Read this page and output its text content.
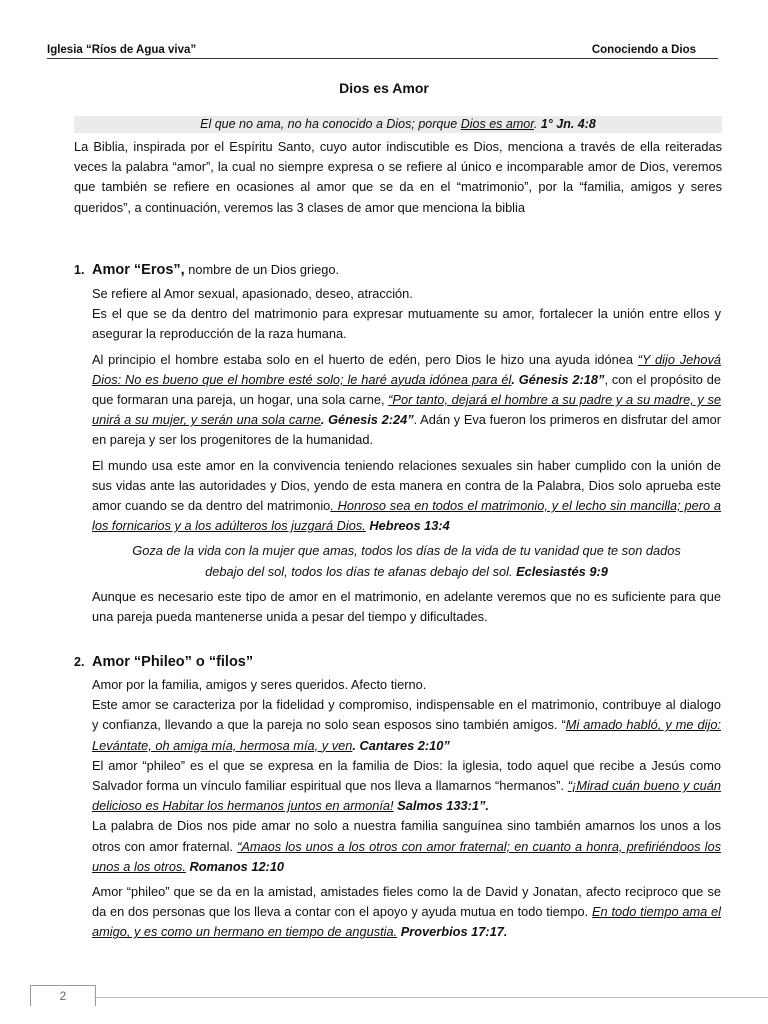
Iglesia “Ríos de Agua viva”	Conociendo a Dios
Dios es Amor
El que no ama, no ha conocido a Dios; porque Dios es amor. 1° Jn. 4:8
La Biblia, inspirada por el Espíritu Santo, cuyo autor indiscutible es Dios, menciona a través de ella reiteradas veces la palabra “amor”, la cual no siempre expresa o se refiere al único e incomparable amor de Dios, veremos que también se refiere en ocasiones al amor que se da en el “matrimonio”, por la “familia, amigos y seres queridos”, a continuación, veremos las 3 clases de amor que menciona la biblia
1. Amor “Eros”, nombre de un Dios griego.

Se refiere al Amor sexual, apasionado, deseo, atracción.

Es el que se da dentro del matrimonio para expresar mutuamente su amor, fortalecer la unión entre ellos y asegurar la reproducción de la raza humana.

Al principio el hombre estaba solo en el huerto de edén, pero Dios le hizo una ayuda idónea “Y dijo Jehová Dios: No es bueno que el hombre esté solo; le haré ayuda idónea para él. Génesis 2:18”, con el propósito de que formaran una pareja, un hogar, una sola carne, “Por tanto, dejará el hombre a su padre y a su madre, y se unirá a su mujer, y serán una sola carne. Génesis 2:24”. Adán y Eva fueron los primeros en disfrutar del amor en pareja y ser los progenitores de la humanidad.

El mundo usa este amor en la convivencia teniendo relaciones sexuales sin haber cumplido con la unión de sus vidas ante las autoridades y Dios, yendo de esta manera en contra de la Palabra, Dios solo aprueba este amor cuando se da dentro del matrimonio. Honroso sea en todos el matrimonio, y el lecho sin mancilla; pero a los fornicarios y a los adúlteros los juzgará Dios. Hebreos 13:4

Goza de la vida con la mujer que amas, todos los días de la vida de tu vanidad que te son dados
debajo del sol, todos los días te afanas debajo del sol. Eclesiastés 9:9

Aunque es necesario este tipo de amor en el matrimonio, en adelante veremos que no es suficiente para que una pareja pueda mantenerse unida a pesar del tiempo y dificultades.

2. Amor “Phileo” o “filos”

Amor por la familia, amigos y seres queridos. Afecto tierno.

Este amor se caracteriza por la fidelidad y compromiso, indispensable en el matrimonio, contribuye al dialogo y confianza, llevando a que la pareja no solo sean esposos sino también amigos. “Mi amado habló, y me dijo: Levántate, oh amiga mía, hermosa mía, y ven. Cantares 2:10”

El amor “phileo” es el que se expresa en la familia de Dios: la iglesia, todo aquel que recibe a Jesús como Salvador forma un vínculo familiar espiritual que nos lleva a llamarnos “hermanos”. “¡Mirad cuán bueno y cuán delicioso es Habitar los hermanos juntos en armonía! Salmos 133:1”.

La palabra de Dios nos pide amar no solo a nuestra familia sanguínea sino también amarnos los unos a los otros con amor fraternal. “Amaos los unos a los otros con amor fraternal; en cuanto a honra, prefiriéndoos los unos a los otros. Romanos 12:10

Amor “phileo” que se da en la amistad, amistades fieles como la de David y Jonatan, afecto reciproco que se da en dos personas que los lleva a contar con el apoyo y ayuda mutua en todo tiempo. En todo tiempo ama el amigo, y es como un hermano en tiempo de angustia. Proverbios 17:17.

2
